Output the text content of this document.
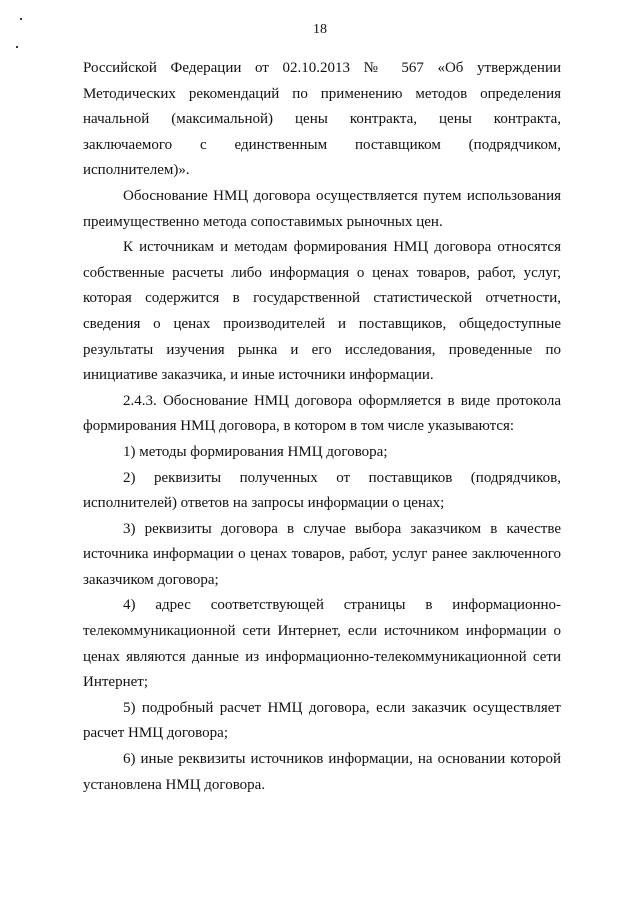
18

Российской Федерации от 02.10.2013 № 567 «Об утверждении Методических рекомендаций по применению методов определения начальной (максимальной) цены контракта, цены контракта, заключаемого с единственным поставщиком (подрядчиком, исполнителем)».

Обоснование НМЦ договора осуществляется путем использования преимущественно метода сопоставимых рыночных цен.

К источникам и методам формирования НМЦ договора относятся собственные расчеты либо информация о ценах товаров, работ, услуг, которая содержится в государственной статистической отчетности, сведения о ценах производителей и поставщиков, общедоступные результаты изучения рынка и его исследования, проведенные по инициативе заказчика, и иные источники информации.

2.4.3. Обоснование НМЦ договора оформляется в виде протокола формирования НМЦ договора, в котором в том числе указываются:

1) методы формирования НМЦ договора;

2) реквизиты полученных от поставщиков (подрядчиков, исполнителей) ответов на запросы информации о ценах;

3) реквизиты договора в случае выбора заказчиком в качестве источника информации о ценах товаров, работ, услуг ранее заключенного заказчиком договора;

4) адрес соответствующей страницы в информационно-телекоммуникационной сети Интернет, если источником информации о ценах являются данные из информационно-телекоммуникационной сети Интернет;

5) подробный расчет НМЦ договора, если заказчик осуществляет расчет НМЦ договора;

6) иные реквизиты источников информации, на основании которой установлена НМЦ договора.
